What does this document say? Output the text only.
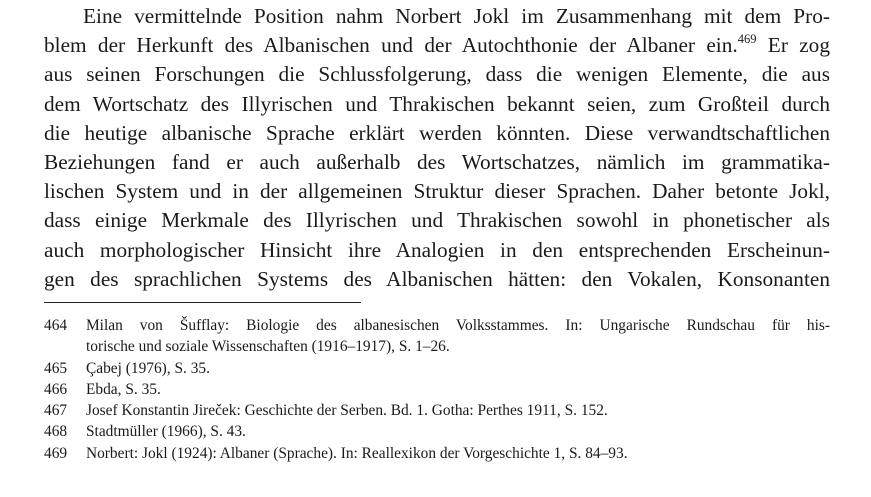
Eine vermittelnde Position nahm Norbert Jokl im Zusammenhang mit dem Pro-
blem der Herkunft des Albanischen und der Autochthonie der Albaner ein.$^{469}$ Er zog
aus seinen Forschungen die Schlussfolgerung, dass die wenigen Elemente, die aus
dem Wortschatz des Illyrischen und Thrakischen bekannt seien, zum Großteil durch
die heutige albanische Sprache erklärt werden könnten. Diese verwandtschaftlichen
Beziehungen fand er auch außerhalb des Wortschatzes, nämlich im grammatika-
lischen System und in der allgemeinen Struktur dieser Sprachen. Daher betonte Jokl,
dass einige Merkmale des Illyrischen und Thrakischen sowohl in phonetischer als
auch morphologischer Hinsicht ihre Analogien in den entsprechenden Erscheinun-
gen des sprachlichen Systems des Albanischen hätten: den Vokalen, Konsonanten

464	Milan von Šufflay: Biologie des albanesischen Volksstammes. In: Ungarische Rundschau für his-
torische und soziale Wissenschaften (1916–1917), S. 1–26.
465	Çabej (1976), S. 35.
466	Ebda, S. 35.
467	Josef Konstantin Jireček: Geschichte der Serben. Bd. 1. Gotha: Perthes 1911, S. 152.
468	Stadtmüller (1966), S. 43.
469	Norbert: Jokl (1924): Albaner (Sprache). In: Reallexikon der Vorgeschichte 1, S. 84–93.
